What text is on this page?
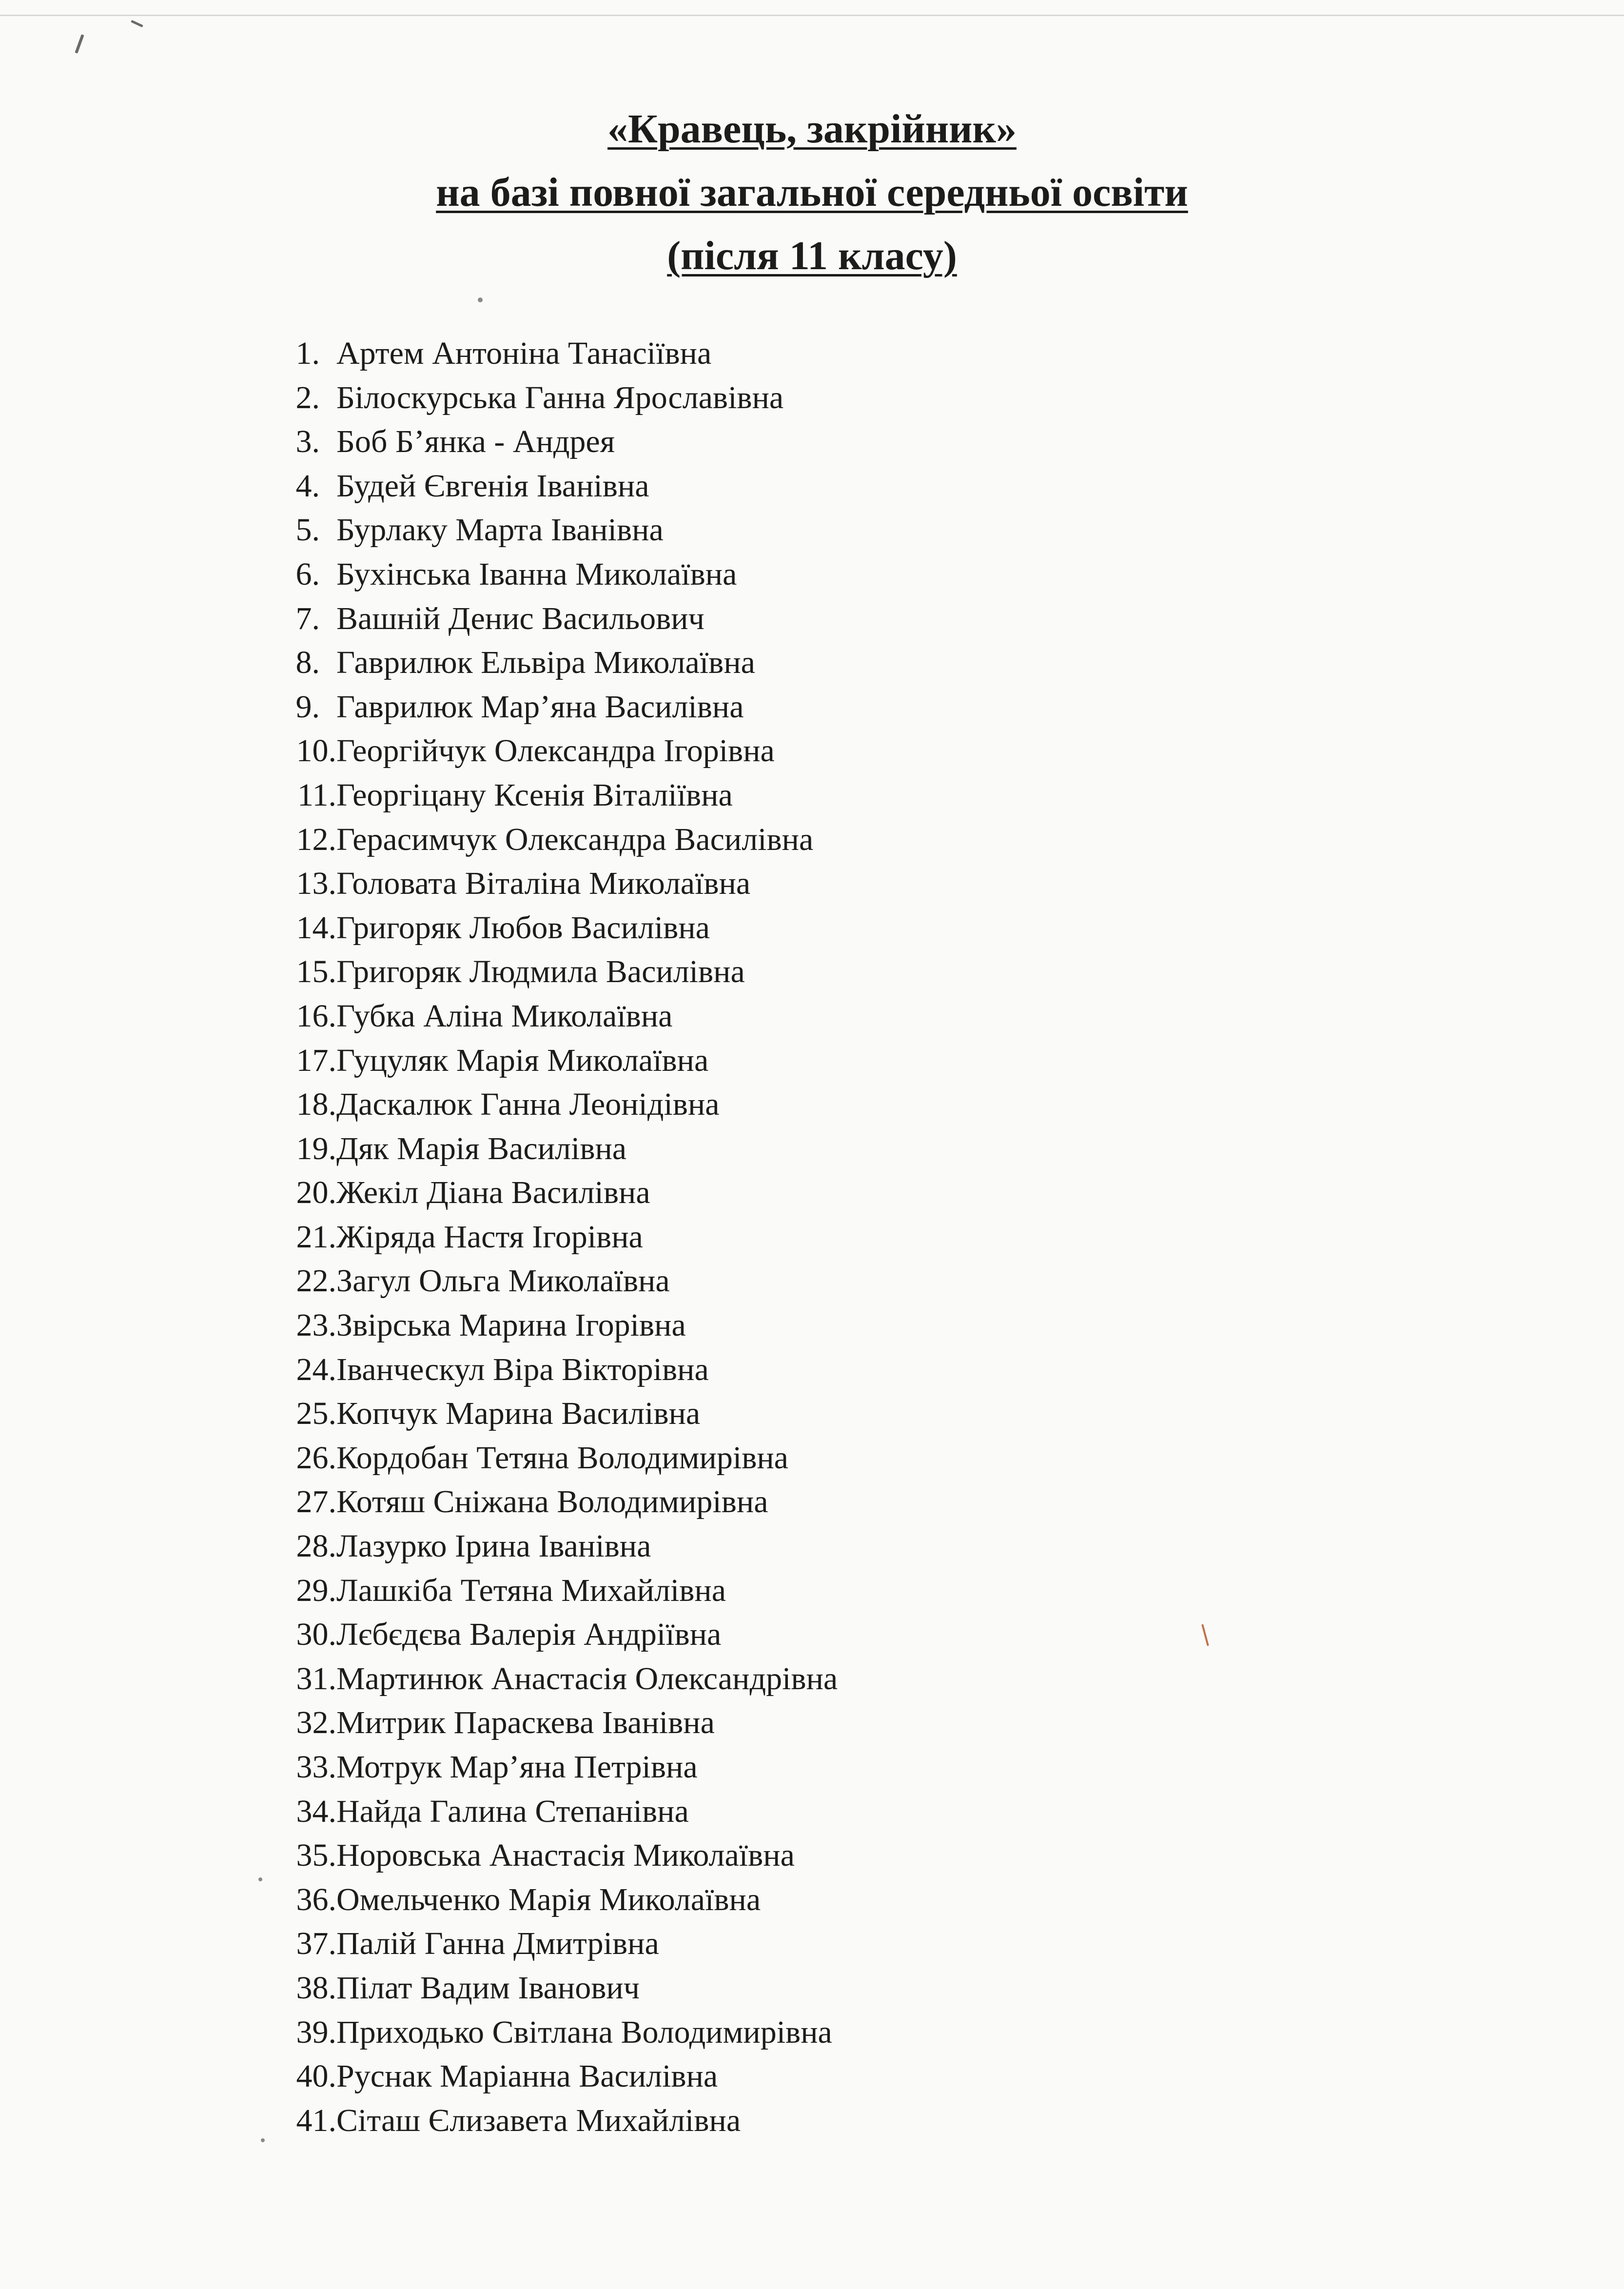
«Кравець, закрійник»
на базі повної загальної середньої освіти
(після 11 класу)
1. Артем Антоніна Танасіївна
2. Білоскурська Ганна Ярославівна
3. Боб Б’янка - Андрея
4. Будей Євгенія Іванівна
5. Бурлаку Марта Іванівна
6. Бухінська Іванна Миколаївна
7. Вашній Денис Васильович
8. Гаврилюк Ельвіра Миколаївна
9. Гаврилюк Мар’яна Василівна
10. Георгійчук Олександра Ігорівна
11. Георгіцану Ксенія Віталіївна
12. Герасимчук Олександра Василівна
13. Головата Віталіна Миколаївна
14. Григоряк Любов Василівна
15. Григоряк Людмила Василівна
16. Губка Аліна Миколаївна
17. Гуцуляк Марія Миколаївна
18. Даскалюк Ганна Леонідівна
19. Дяк Марія Василівна
20. Жекіл Діана Василівна
21. Жіряда Настя Ігорівна
22. Загул Ольга Миколаївна
23. Звірська Марина Ігорівна
24. Іванческул Віра Вікторівна
25. Копчук Марина Василівна
26. Кордобан Тетяна Володимирівна
27. Котяш Сніжана Володимирівна
28. Лазурко Ірина Іванівна
29. Лашкіба Тетяна Михайлівна
30. Лєбєдєва Валерія Андріївна
31. Мартинюк Анастасія Олександрівна
32. Митрик Параскева Іванівна
33. Мотрук Мар’яна Петрівна
34. Найда Галина Степанівна
35. Норовська Анастасія Миколаївна
36. Омельченко Марія Миколаївна
37. Палій Ганна Дмитрівна
38. Пілат Вадим Іванович
39. Приходько Світлана Володимирівна
40. Руснак Маріанна Василівна
41. Сіташ Єлизавета Михайлівна
